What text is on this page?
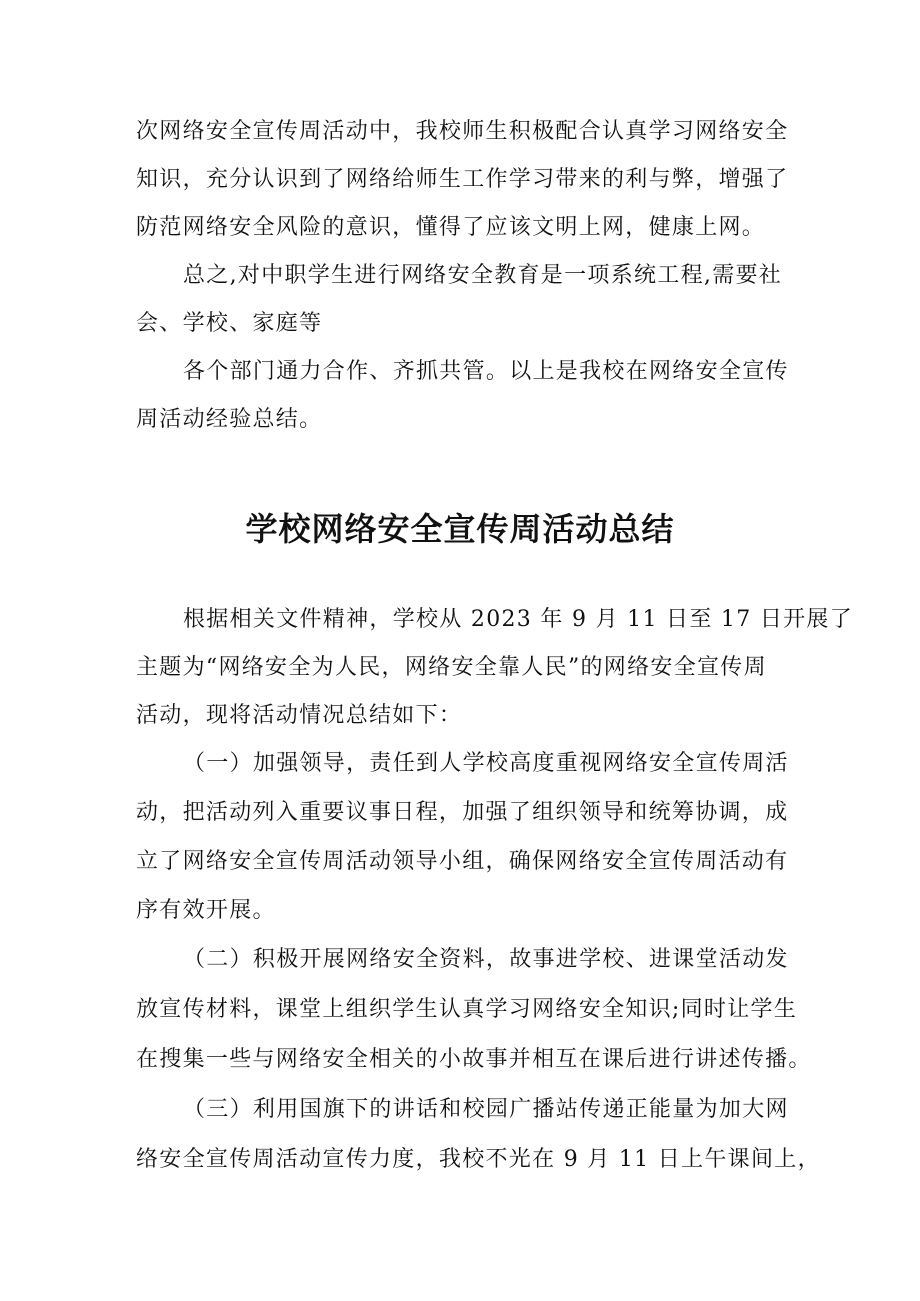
次网络安全宣传周活动中，我校师生积极配合认真学习网络安全
知识，充分认识到了网络给师生工作学习带来的利与弊，增强了
防范网络安全风险的意识，懂得了应该文明上网，健康上网。
总之,对中职学生进行网络安全教育是一项系统工程,需要社
会、学校、家庭等
各个部门通力合作、齐抓共管。以上是我校在网络安全宣传
周活动经验总结。
学校网络安全宣传周活动总结
根据相关文件精神，学校从 2023 年 9 月 11 日至 17 日开展了
主题为“网络安全为人民，网络安全靠人民”的网络安全宣传周
活动，现将活动情况总结如下：
（一）加强领导，责任到人学校高度重视网络安全宣传周活
动，把活动列入重要议事日程，加强了组织领导和统筹协调，成
立了网络安全宣传周活动领导小组，确保网络安全宣传周活动有
序有效开展。
（二）积极开展网络安全资料，故事进学校、进课堂活动发
放宣传材料，课堂上组织学生认真学习网络安全知识;同时让学生
在搜集一些与网络安全相关的小故事并相互在课后进行讲述传播。
（三）利用国旗下的讲话和校园广播站传递正能量为加大网
络安全宣传周活动宣传力度，我校不光在 9 月 11 日上午课间上，
